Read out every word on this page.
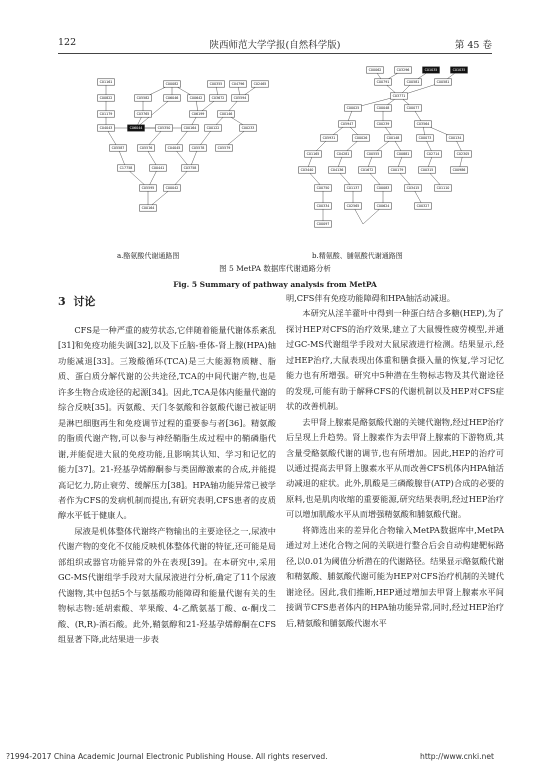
122	陕西师范大学学报(自然科学版)	第 45 卷
C01161	C00082	C00355	C04796	C02465
C00822	C05582	C06046
C06044
C01179	C03765
C00642	C03672	C05594
C06199	C00146
C04043	C05350	C00164	C00122	C00233
C05587	C05576	C04045	C05578	C05579
C17758	C00441	C03758
C05595	C00042
C00164
C00062	C03296	C01035	C01035
C00791	C00581	C00581
C03771
C00025	C00048	C00077
C05947	C00239	C03564
C05931	C00026	C00148	C00073	C00134
C01165	C04281	C00555	C00881	C02714	C02305
C03440	C04136	C01672	C00179	C00315	C00986
C00750	C01137	C00083	C03415	C01110
C00334	C02565	C00624	C00327
C00097
a.酪氨酸代谢通路图	b.精氨酸、脯氨酸代谢通路图
图 5 MetPA 数据库代谢通路分析
Fig. 5 Summary of pathway analysis from MetPA
3 讨论

CFS是一种严重的疲劳状态,它伴随着能量代谢体系紊乱[31]和免疫功能失调[32],以及下丘脑-垂体-肾上腺(HPA)轴功能减退[33]。三羧酸循环(TCA)是三大能源物质糖、脂质、蛋白质分解代谢的公共途径,TCA的中间代谢产物,也是许多生物合成途径的起源[34]。因此,TCA是体内能量代谢的综合反映[35]。丙氨酸、天门冬氨酸和谷氨酸代谢已被证明是淋巴细胞再生和免疫调节过程的重要参与者[36]。精氨酸的脂质代谢产物,可以参与神经鞘脂生成过程中的鞘磷脂代谢,并能促进大鼠的免疫功能,且影响其认知、学习和记忆的能力[37]。21-羟基孕烯醇酮参与类固醇激素的合成,并能提高记忆力,防止衰劳、缓解压力[38]。HPA轴功能异常已被学者作为CFS的发病机制而提出,有研究表明,CFS患者的皮质醇水平低于健康人。

尿液是机体整体代谢终产物输出的主要途径之一,尿液中代谢产物的变化不仅能反映机体整体代谢的特征,还可能是局部组织或器官功能异常的外在表现[39]。在本研究中,采用GC-MS代谢组学手段对大鼠尿液进行分析,确定了11个尿液代谢物,其中包括5个与氨基酸功能障碍和能量代谢有关的生物标志物:延胡索酸、苹果酸、4-乙酰氨基丁酸、α-酮戊二酸、(R,R)-酒石酸。此外,鞘氨醇和21-羟基孕烯醇酮在CFS组显著下降,此结果进一步表

明,CFS伴有免疫功能障碍和HPA轴活动减退。

本研究从淫羊藿叶中得到一种蛋白结合多糖(HEP),为了探讨HEP对CFS的治疗效果,建立了大鼠慢性疲劳模型,并通过GC-MS代谢组学手段对大鼠尿液进行检测。结果显示,经过HEP治疗,大鼠表现出体重和膳食摄入量的恢复,学习记忆能力也有所增强。研究中5种潜在生物标志物及其代谢途径的发现,可能有助于解释CFS的代谢机制以及HEP对CFS症状的改善机制。

去甲肾上腺素是酪氨酸代谢的关键代谢物,经过HEP治疗后呈现上升趋势。肾上腺素作为去甲肾上腺素的下游物质,其含量受酪氨酸代谢的调节,也有所增加。因此,HEP的治疗可以通过提高去甲肾上腺素水平从而改善CFS机体内HPA轴活动减退的症状。此外,肌酸是三磷酸腺苷(ATP)合成的必要的原料,也是肌肉收缩的重要能源,研究结果表明,经过HEP治疗可以增加肌酸水平从而增强精氨酸和脯氨酸代谢。

将筛选出来的差异化合物输入MetPA数据库中,MetPA通过对上述化合物之间的关联进行整合后会自动构建靶标路径,以0.01为阈值分析潜在的代谢路径。结果显示酪氨酸代谢和精氨酸、脯氨酸代谢可能为HEP对CFS治疗机制的关键代谢途径。因此,我们推断,HEP通过增加去甲肾上腺素水平间接调节CFS患者体内的HPA轴功能异常,同时,经过HEP治疗后,精氨酸和脯氨酸代谢水平

?1994-2017 China Academic Journal Electronic Publishing House. All rights reserved.	http://www.cnki.net
